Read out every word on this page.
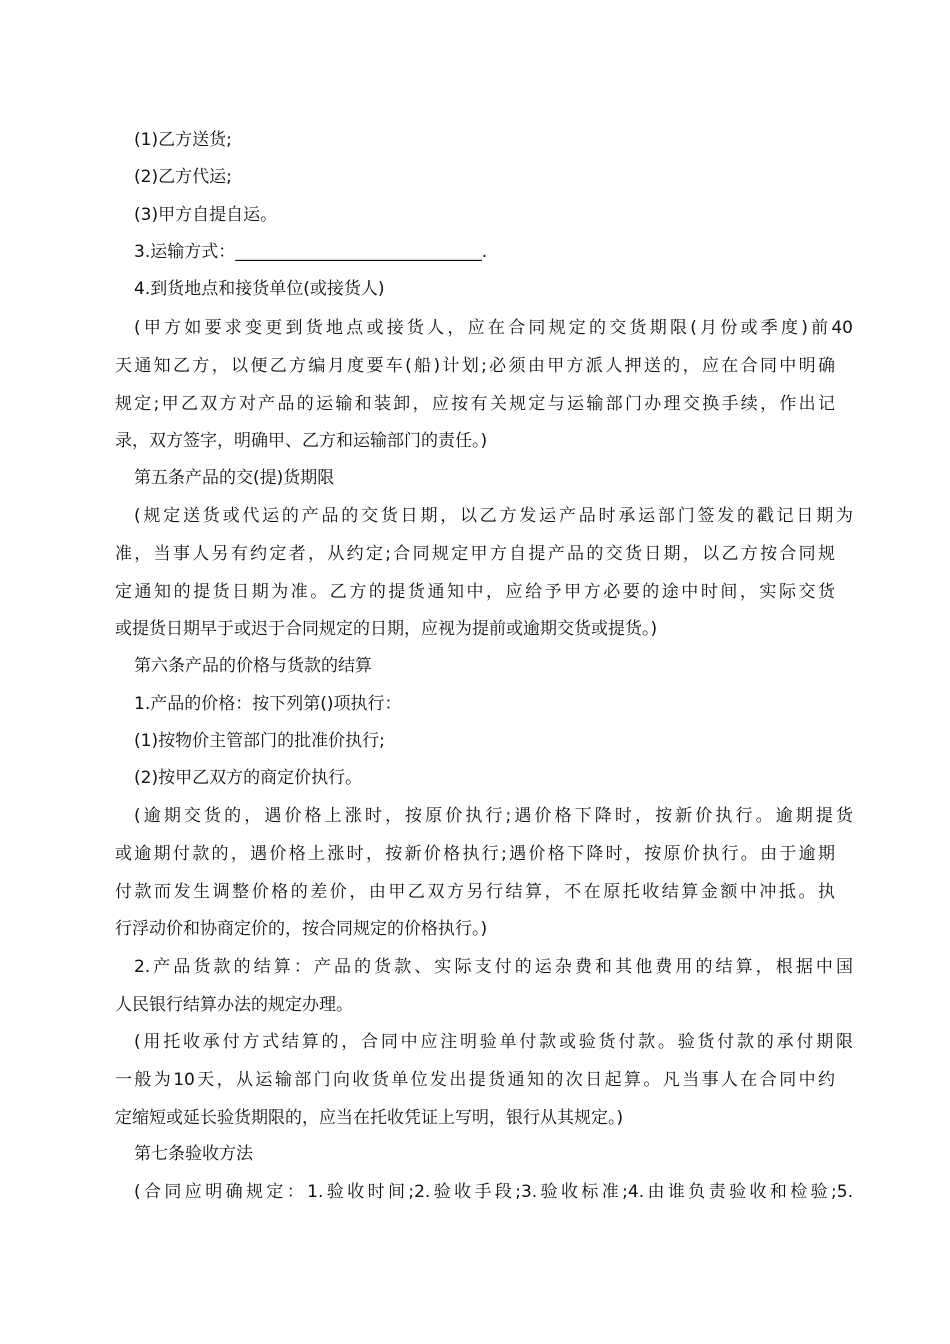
(1)乙方送货;
(2)乙方代运;
(3)甲方自提自运。
3.运输方式：_____________________________.
4.到货地点和接货单位(或接货人)
(甲方如要求变更到货地点或接货人，应在合同规定的交货期限(月份或季度)前40
天通知乙方，以便乙方编月度要车(船)计划;必须由甲方派人押送的，应在合同中明确
规定;甲乙双方对产品的运输和装卸，应按有关规定与运输部门办理交换手续，作出记
录，双方签字，明确甲、乙方和运输部门的责任。)
第五条产品的交(提)货期限
(规定送货或代运的产品的交货日期，以乙方发运产品时承运部门签发的戳记日期为
准，当事人另有约定者，从约定;合同规定甲方自提产品的交货日期，以乙方按合同规
定通知的提货日期为准。乙方的提货通知中，应给予甲方必要的途中时间，实际交货
或提货日期早于或迟于合同规定的日期，应视为提前或逾期交货或提货。)
第六条产品的价格与货款的结算
1.产品的价格：按下列第()项执行：
(1)按物价主管部门的批准价执行;
(2)按甲乙双方的商定价执行。
(逾期交货的，遇价格上涨时，按原价执行;遇价格下降时，按新价执行。逾期提货
或逾期付款的，遇价格上涨时，按新价格执行;遇价格下降时，按原价执行。由于逾期
付款而发生调整价格的差价，由甲乙双方另行结算，不在原托收结算金额中冲抵。执
行浮动价和协商定价的，按合同规定的价格执行。)
2.产品货款的结算：产品的货款、实际支付的运杂费和其他费用的结算，根据中国
人民银行结算办法的规定办理。
(用托收承付方式结算的，合同中应注明验单付款或验货付款。验货付款的承付期限
一般为10天，从运输部门向收货单位发出提货通知的次日起算。凡当事人在合同中约
定缩短或延长验货期限的，应当在托收凭证上写明，银行从其规定。)
第七条验收方法
(合同应明确规定：1.验收时间;2.验收手段;3.验收标准;4.由谁负责验收和检验;5.
